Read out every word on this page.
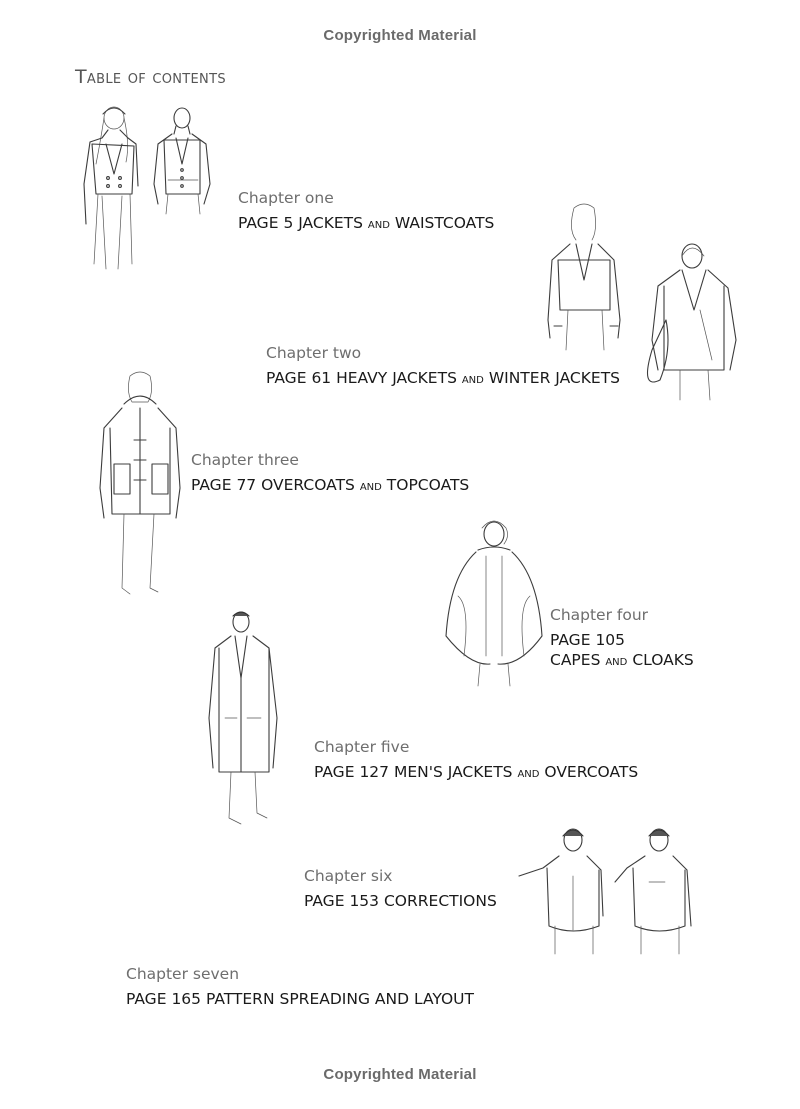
Copyrighted Material
Table of contents
Chapter one
PAGE 5 JACKETS and WAISTCOATS
Chapter two
PAGE 61 HEAVY JACKETS and WINTER JACKETS
Chapter three
PAGE 77 OVERCOATS and TOPCOATS
Chapter four
PAGE 105
CAPES and CLOAKS
Chapter five
PAGE 127 MEN'S JACKETS and OVERCOATS
Chapter six
PAGE 153 CORRECTIONS
Chapter seven
PAGE 165 PATTERN SPREADING AND LAYOUT
Copyrighted Material
